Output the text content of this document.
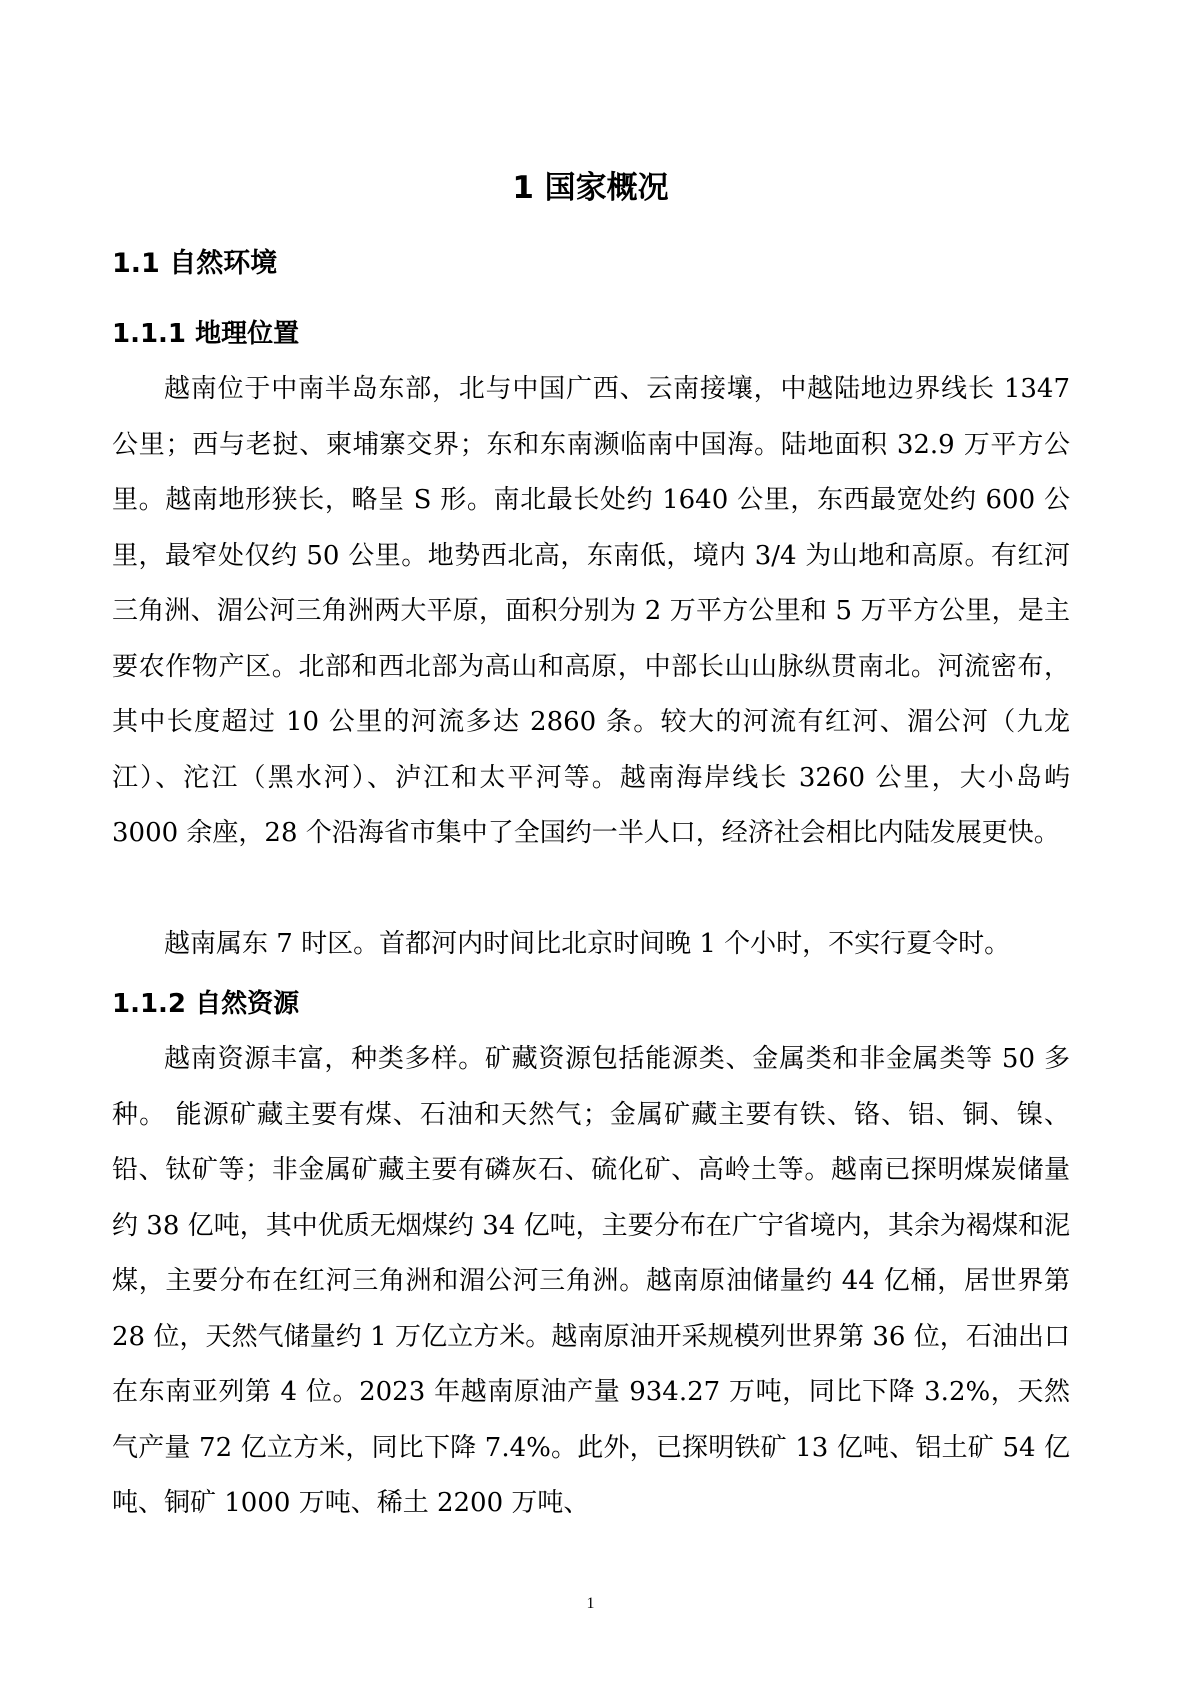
1 国家概况
1.1 自然环境
1.1.1 地理位置

越南位于中南半岛东部，北与中国广西、云南接壤，中越陆地边界线长 1347 公里；西与老挝、柬埔寨交界；东和东南濒临南中国海。陆地面积 32.9 万平方公里。越南地形狭长，略呈 S 形。南北最长处约 1640 公里，东西最宽处约 600 公里，最窄处仅约 50 公里。地势西北高，东南低，境内 3/4 为山地和高原。有红河三角洲、湄公河三角洲两大平原，面积分别为 2 万平方公里和 5 万平方公里，是主要农作物产区。北部和西北部为高山和高原，中部长山山脉纵贯南北。河流密布，其中长度超过 10 公里的河流多达 2860 条。较大的河流有红河、湄公河（九龙江）、沱江（黑水河）、泸江和太平河等。越南海岸线长 3260 公里，大小岛屿 3000 余座，28 个沿海省市集中了全国约一半人口，经济社会相比内陆发展更快。

越南属东 7 时区。首都河内时间比北京时间晚 1 个小时，不实行夏令时。

1.1.2 自然资源

越南资源丰富，种类多样。矿藏资源包括能源类、金属类和非金属类等 50 多种。 能源矿藏主要有煤、石油和天然气；金属矿藏主要有铁、铬、铝、铜、镍、铅、钛矿等；非金属矿藏主要有磷灰石、硫化矿、高岭土等。越南已探明煤炭储量约 38 亿吨，其中优质无烟煤约 34 亿吨，主要分布在广宁省境内，其余为褐煤和泥煤，主要分布在红河三角洲和湄公河三角洲。越南原油储量约 44 亿桶，居世界第 28 位，天然气储量约 1 万亿立方米。越南原油开采规模列世界第 36 位，石油出口在东南亚列第 4 位。2023 年越南原油产量 934.27 万吨，同比下降 3.2%，天然气产量 72 亿立方米，同比下降 7.4%。此外，已探明铁矿 13 亿吨、铝土矿 54 亿吨、铜矿 1000 万吨、稀土 2200 万吨、

1
